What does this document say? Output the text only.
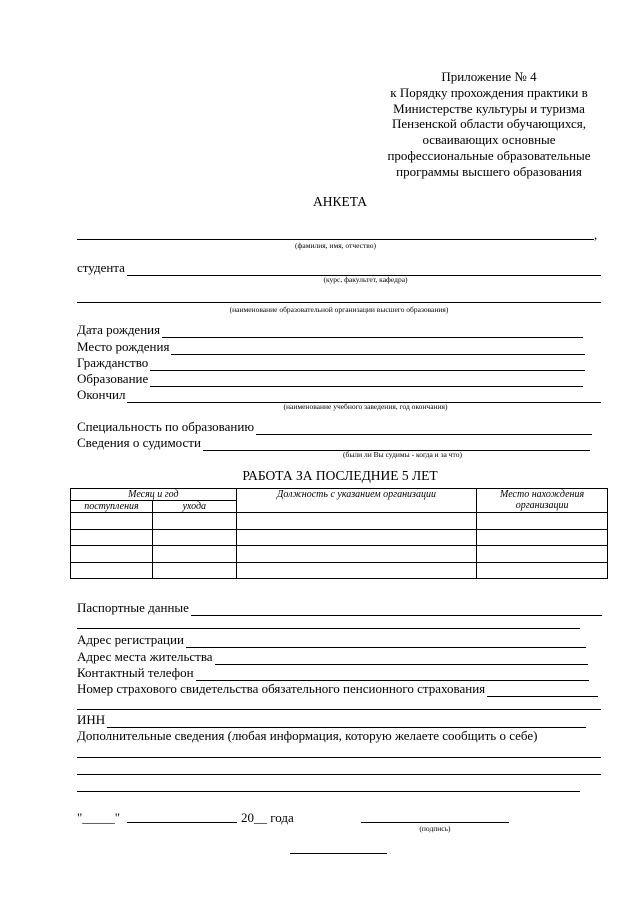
Приложение № 4
к Порядку прохождения практики в
Министерстве культуры и туризма
Пензенской области обучающихся,
осваивающих основные
профессиональные образовательные
программы высшего образования
АНКЕТА
,
(фамилия, имя, отчество)
студента
(курс, факультет, кафедра)
(наименование образовательной организации высшего образования)
Дата рождения
Место рождения
Гражданство
Образование
Окончил
(наименование учебного заведения, год окончания)
Специальность по образованию
Сведения о судимости
(были ли Вы судимы - когда и за что)
РАБОТА ЗА ПОСЛЕДНИЕ 5 ЛЕТ
Месяц и год		Должность с указанием организации	Место нахождения организации
поступления	ухода		

Паспортные данные
Адрес регистрации
Адрес места жительства
Контактный телефон
Номер страхового свидетельства обязательного пенсионного страхования
ИНН
Дополнительные сведения (любая информация, которую желаете сообщить о себе)
"_____"	20__ года
(подпись)
